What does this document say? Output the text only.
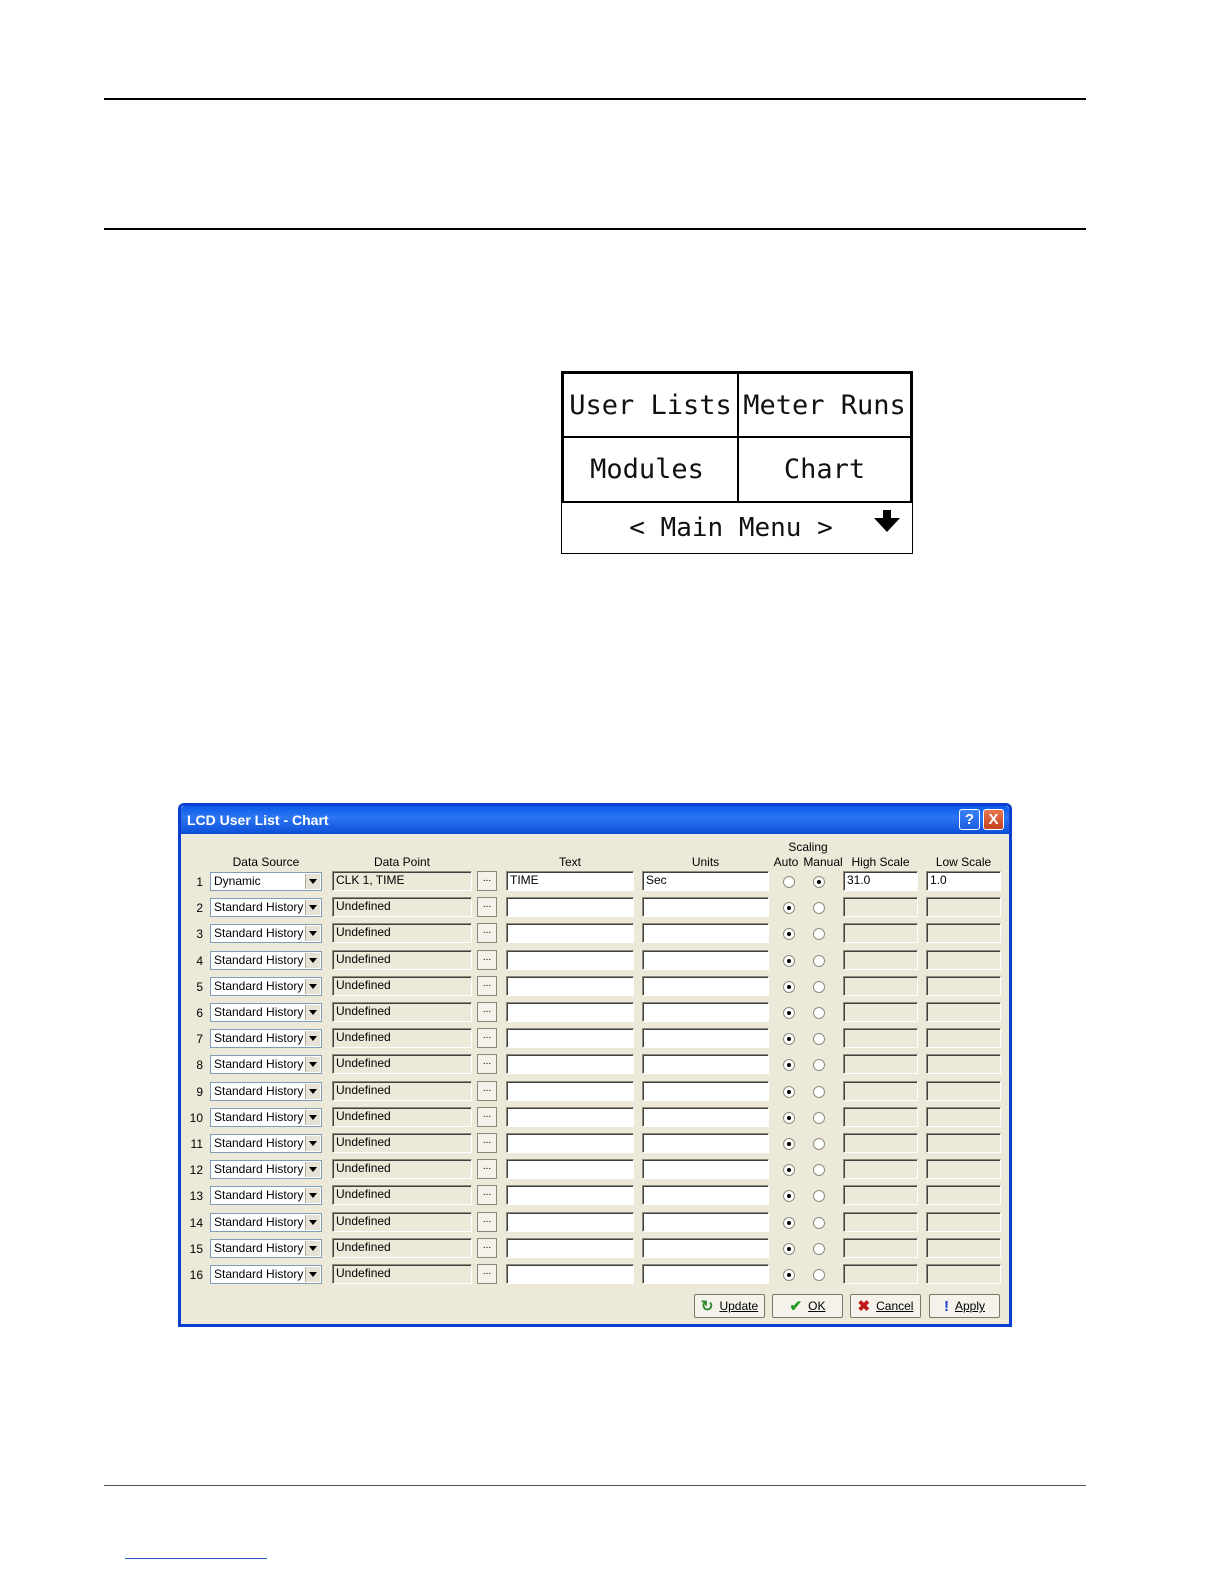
User Lists Meter Runs
Modules	Chart
< Main Menu >
LCD User List - Chart	? X
Data Source	Data Point	Text	Units
Scaling
Auto Manual High Scale	Low Scale
1 Dynamic	CLK 1, TIME	...	TIME	Sec	31.0	1.0
2 Standard History	Undefined	...
3 Standard History	Undefined	...
4 Standard History	Undefined	...
5 Standard History	Undefined	...
6 Standard History	Undefined	...
7 Standard History	Undefined	...
8 Standard History	Undefined	...
9 Standard History	Undefined	...
10 Standard History	Undefined	...
11 Standard History	Undefined	...
12 Standard History	Undefined	...
13 Standard History	Undefined	...
14 Standard History	Undefined	...
15 Standard History	Undefined	...
16 Standard History	Undefined	...
↻ Update ✔ OK ✖ Cancel ! Apply
